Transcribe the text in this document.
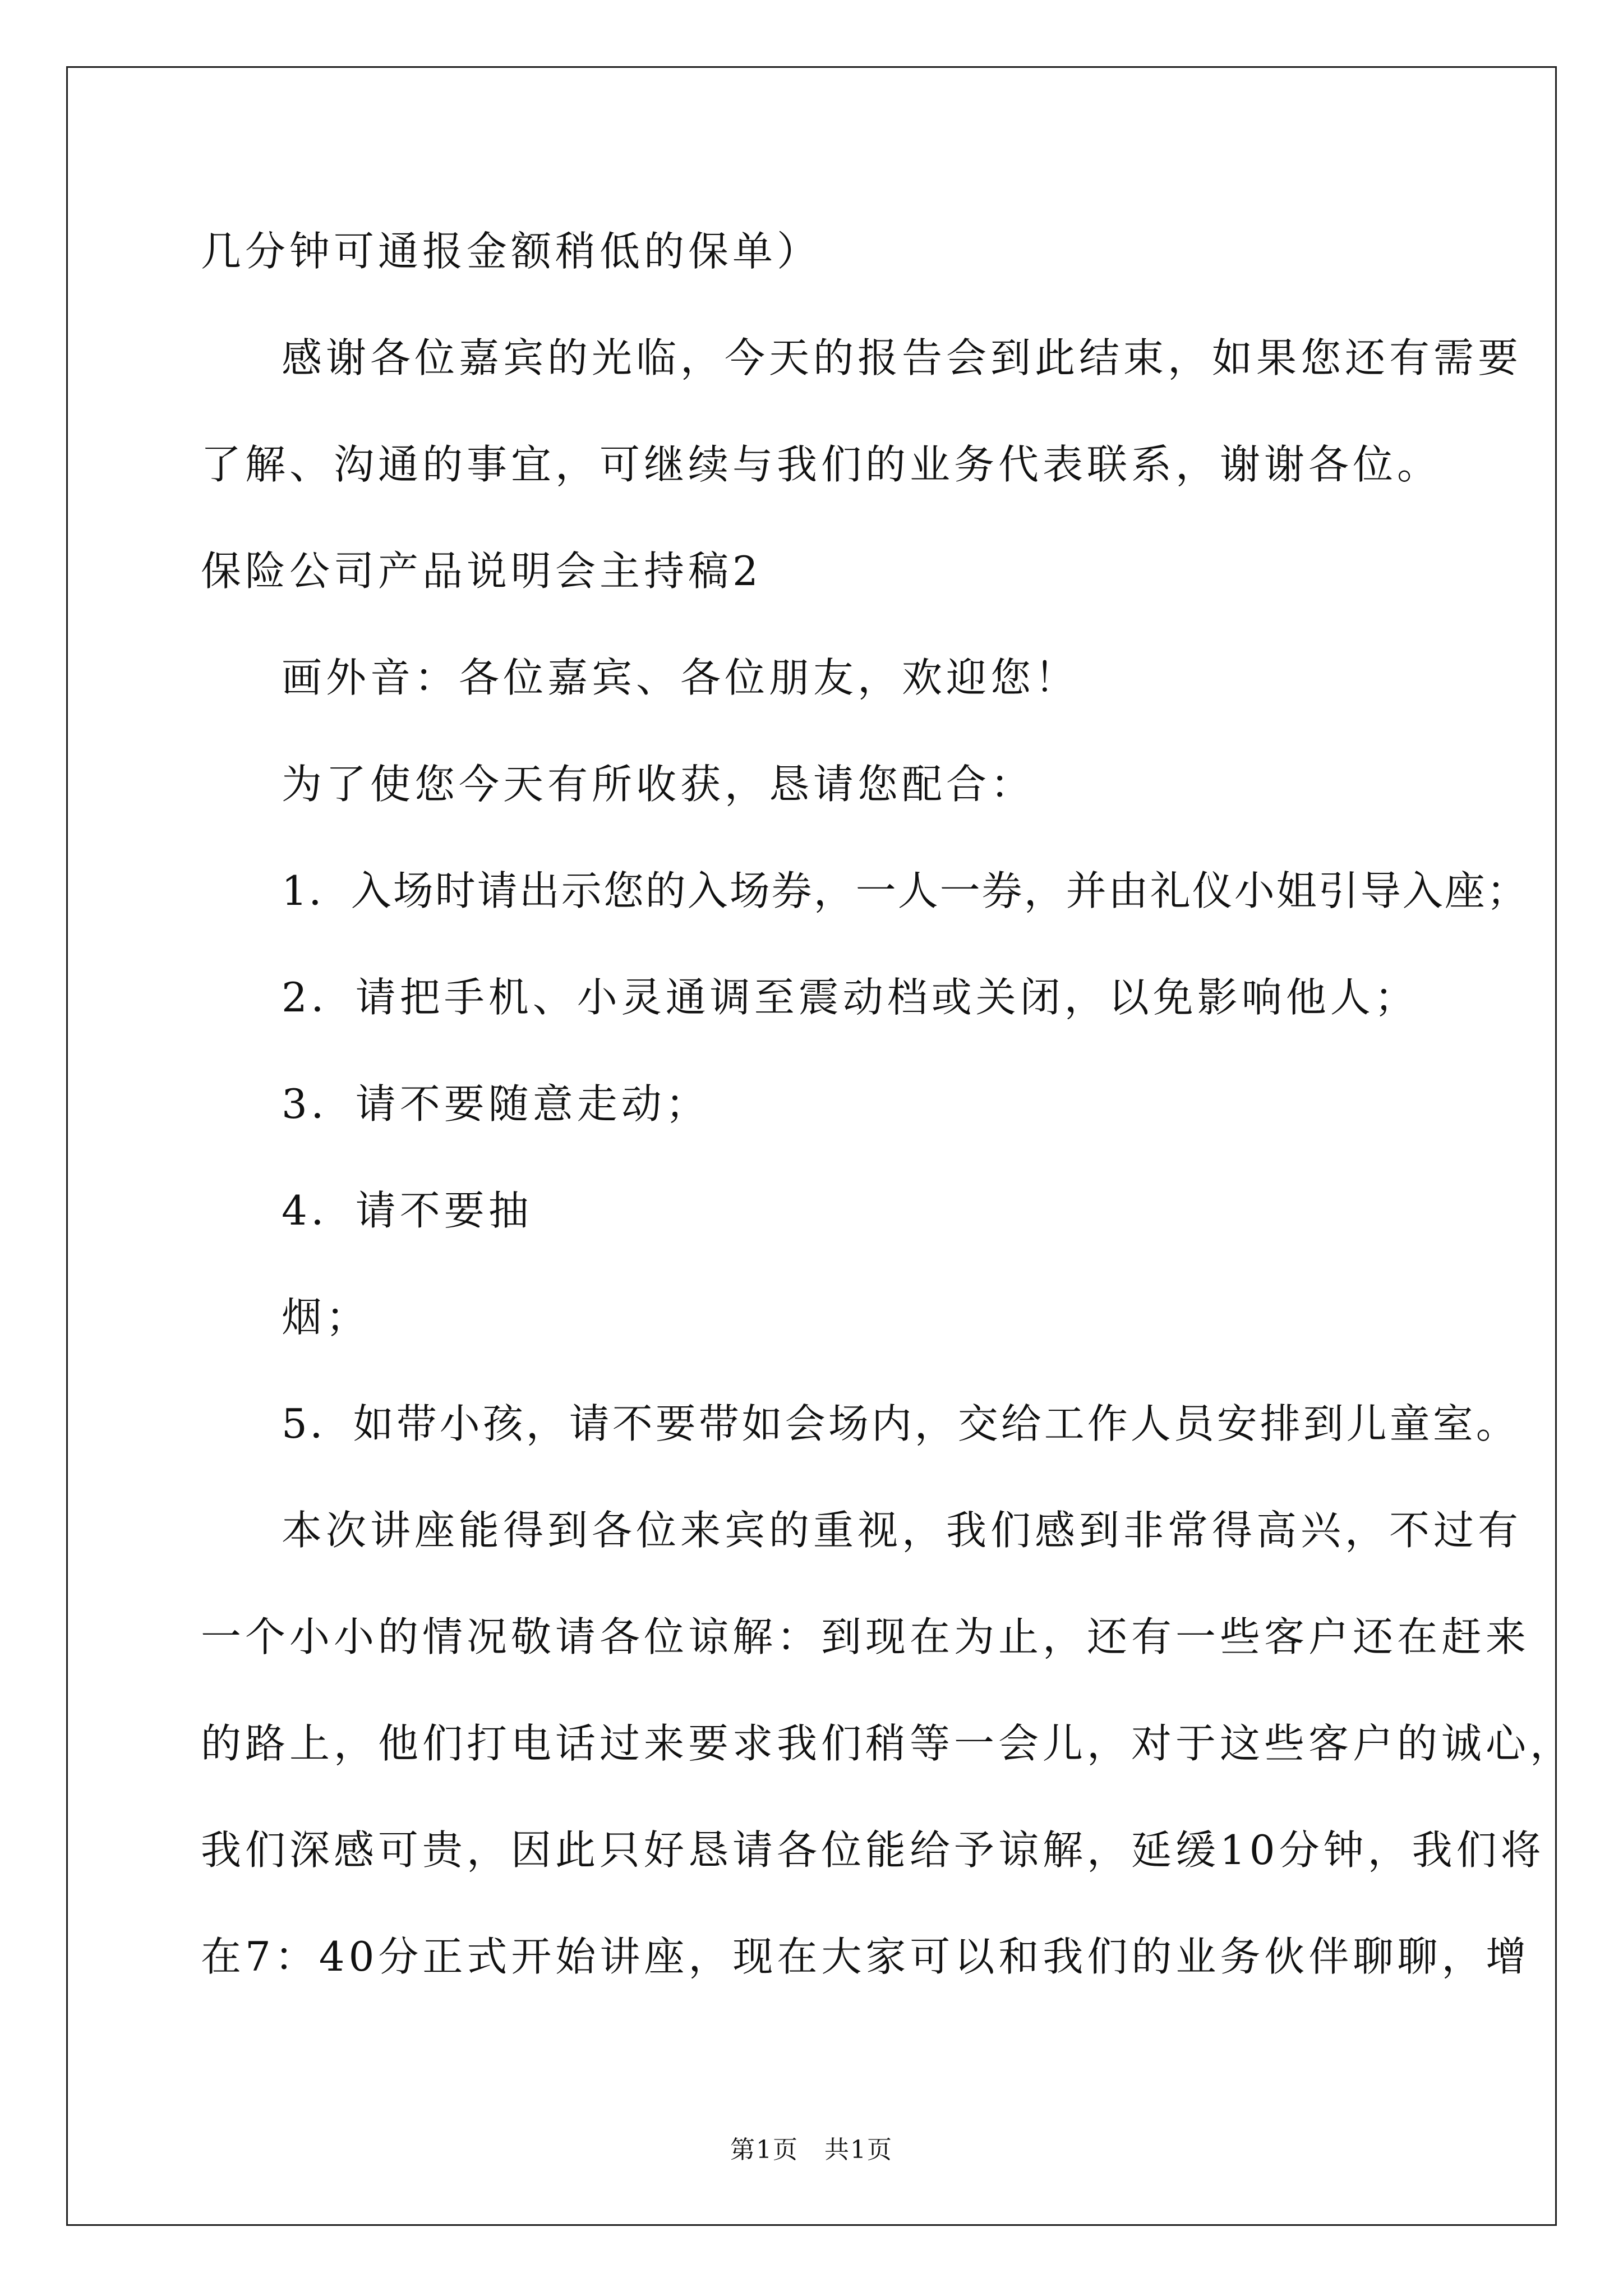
几分钟可通报金额稍低的保单）
感谢各位嘉宾的光临，今天的报告会到此结束，如果您还有需要
了解、沟通的事宜，可继续与我们的业务代表联系，谢谢各位。
保险公司产品说明会主持稿2
画外音：各位嘉宾、各位朋友，欢迎您！
为了使您今天有所收获，恳请您配合：
1．入场时请出示您的入场券，一人一券，并由礼仪小姐引导入座；
2．请把手机、小灵通调至震动档或关闭，以免影响他人；
3．请不要随意走动；
4．请不要抽
烟；
5．如带小孩，请不要带如会场内，交给工作人员安排到儿童室。
本次讲座能得到各位来宾的重视，我们感到非常得高兴，不过有
一个小小的情况敬请各位谅解：到现在为止，还有一些客户还在赶来
的路上，他们打电话过来要求我们稍等一会儿，对于这些客户的诚心，
我们深感可贵，因此只好恳请各位能给予谅解，延缓10分钟，我们将
在7：40分正式开始讲座，现在大家可以和我们的业务伙伴聊聊，增
第1页　共1页
